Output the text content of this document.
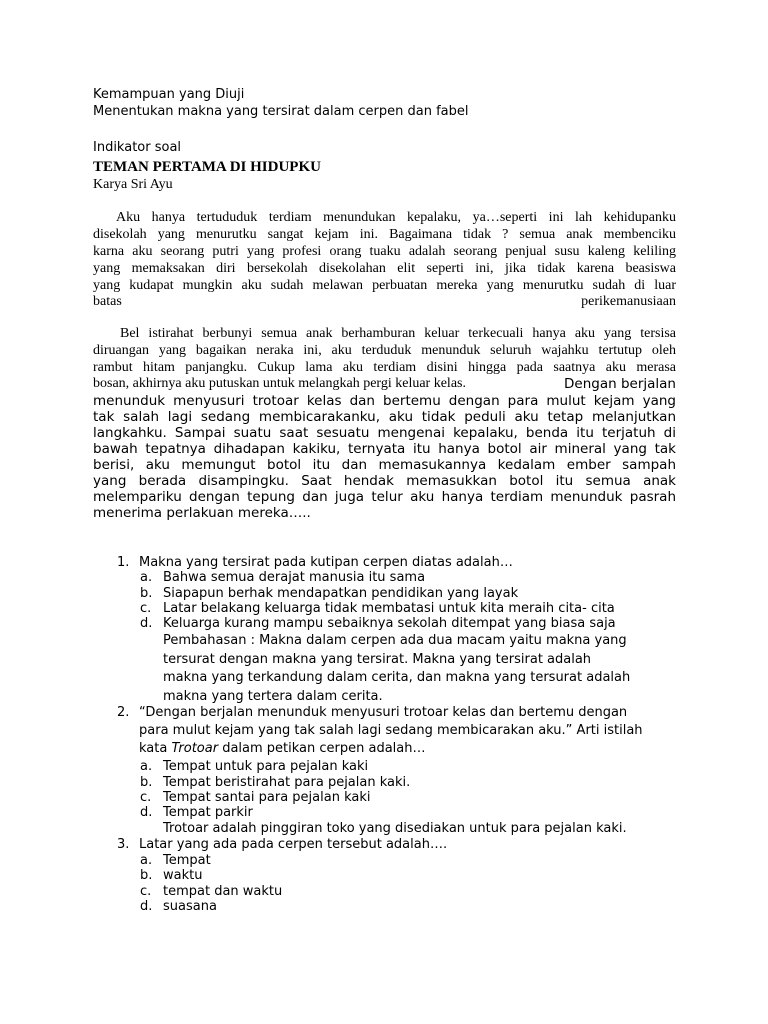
Kemampuan yang Diuji
Menentukan makna yang tersirat dalam cerpen dan fabel
Indikator soal
TEMAN PERTAMA DI HIDUPKU
Karya Sri Ayu
Aku hanya tertududuk terdiam menundukan kepalaku, ya…seperti ini lah kehidupanku
disekolah yang menurutku sangat kejam ini. Bagaimana tidak ? semua anak membenciku
karna aku seorang putri yang profesi orang tuaku adalah seorang penjual susu kaleng keliling
yang memaksakan diri bersekolah disekolahan elit seperti ini, jika tidak karena beasiswa
yang kudapat mungkin aku sudah melawan perbuatan mereka yang menurutku sudah di luar
batas	perikemanusiaan
Bel istirahat berbunyi semua anak berhamburan keluar terkecuali hanya aku yang tersisa
diruangan yang bagaikan neraka ini, aku terduduk menunduk seluruh wajahku tertutup oleh
rambut hitam panjangku. Cukup lama aku terdiam disini hingga pada saatnya aku merasa
bosan, akhirnya aku putuskan untuk melangkah pergi keluar kelas.	Dengan berjalan
menunduk menyusuri trotoar kelas dan bertemu dengan para mulut kejam yang
tak salah lagi sedang membicarakanku, aku tidak peduli aku tetap melanjutkan
langkahku. Sampai suatu saat sesuatu mengenai kepalaku, benda itu terjatuh di
bawah tepatnya dihadapan kakiku, ternyata itu hanya botol air mineral yang tak
berisi, aku memungut botol itu dan memasukannya kedalam ember sampah
yang berada disampingku. Saat hendak memasukkan botol itu semua anak
melempariku dengan tepung dan juga telur aku hanya terdiam menunduk pasrah
menerima perlakuan mereka…..
1. Makna yang tersirat pada kutipan cerpen diatas adalah…
a. Bahwa semua derajat manusia itu sama
b. Siapapun berhak mendapatkan pendidikan yang layak
c. Latar belakang keluarga tidak membatasi untuk kita meraih cita- cita
d. Keluarga kurang mampu sebaiknya sekolah ditempat yang biasa saja
Pembahasan : Makna dalam cerpen ada dua macam yaitu makna yang
tersurat dengan makna yang tersirat. Makna yang tersirat adalah
makna yang terkandung dalam cerita, dan makna yang tersurat adalah
makna yang tertera dalam cerita.
2. “Dengan berjalan menunduk menyusuri trotoar kelas dan bertemu dengan
para mulut kejam yang tak salah lagi sedang membicarakan aku.” Arti istilah
kata Trotoar dalam petikan cerpen adalah…
a. Tempat untuk para pejalan kaki
b. Tempat beristirahat para pejalan kaki.
c. Tempat santai para pejalan kaki
d. Tempat parkir
Trotoar adalah pinggiran toko yang disediakan untuk para pejalan kaki.
3. Latar yang ada pada cerpen tersebut adalah….
a. Tempat
b. waktu
c. tempat dan waktu
d. suasana
